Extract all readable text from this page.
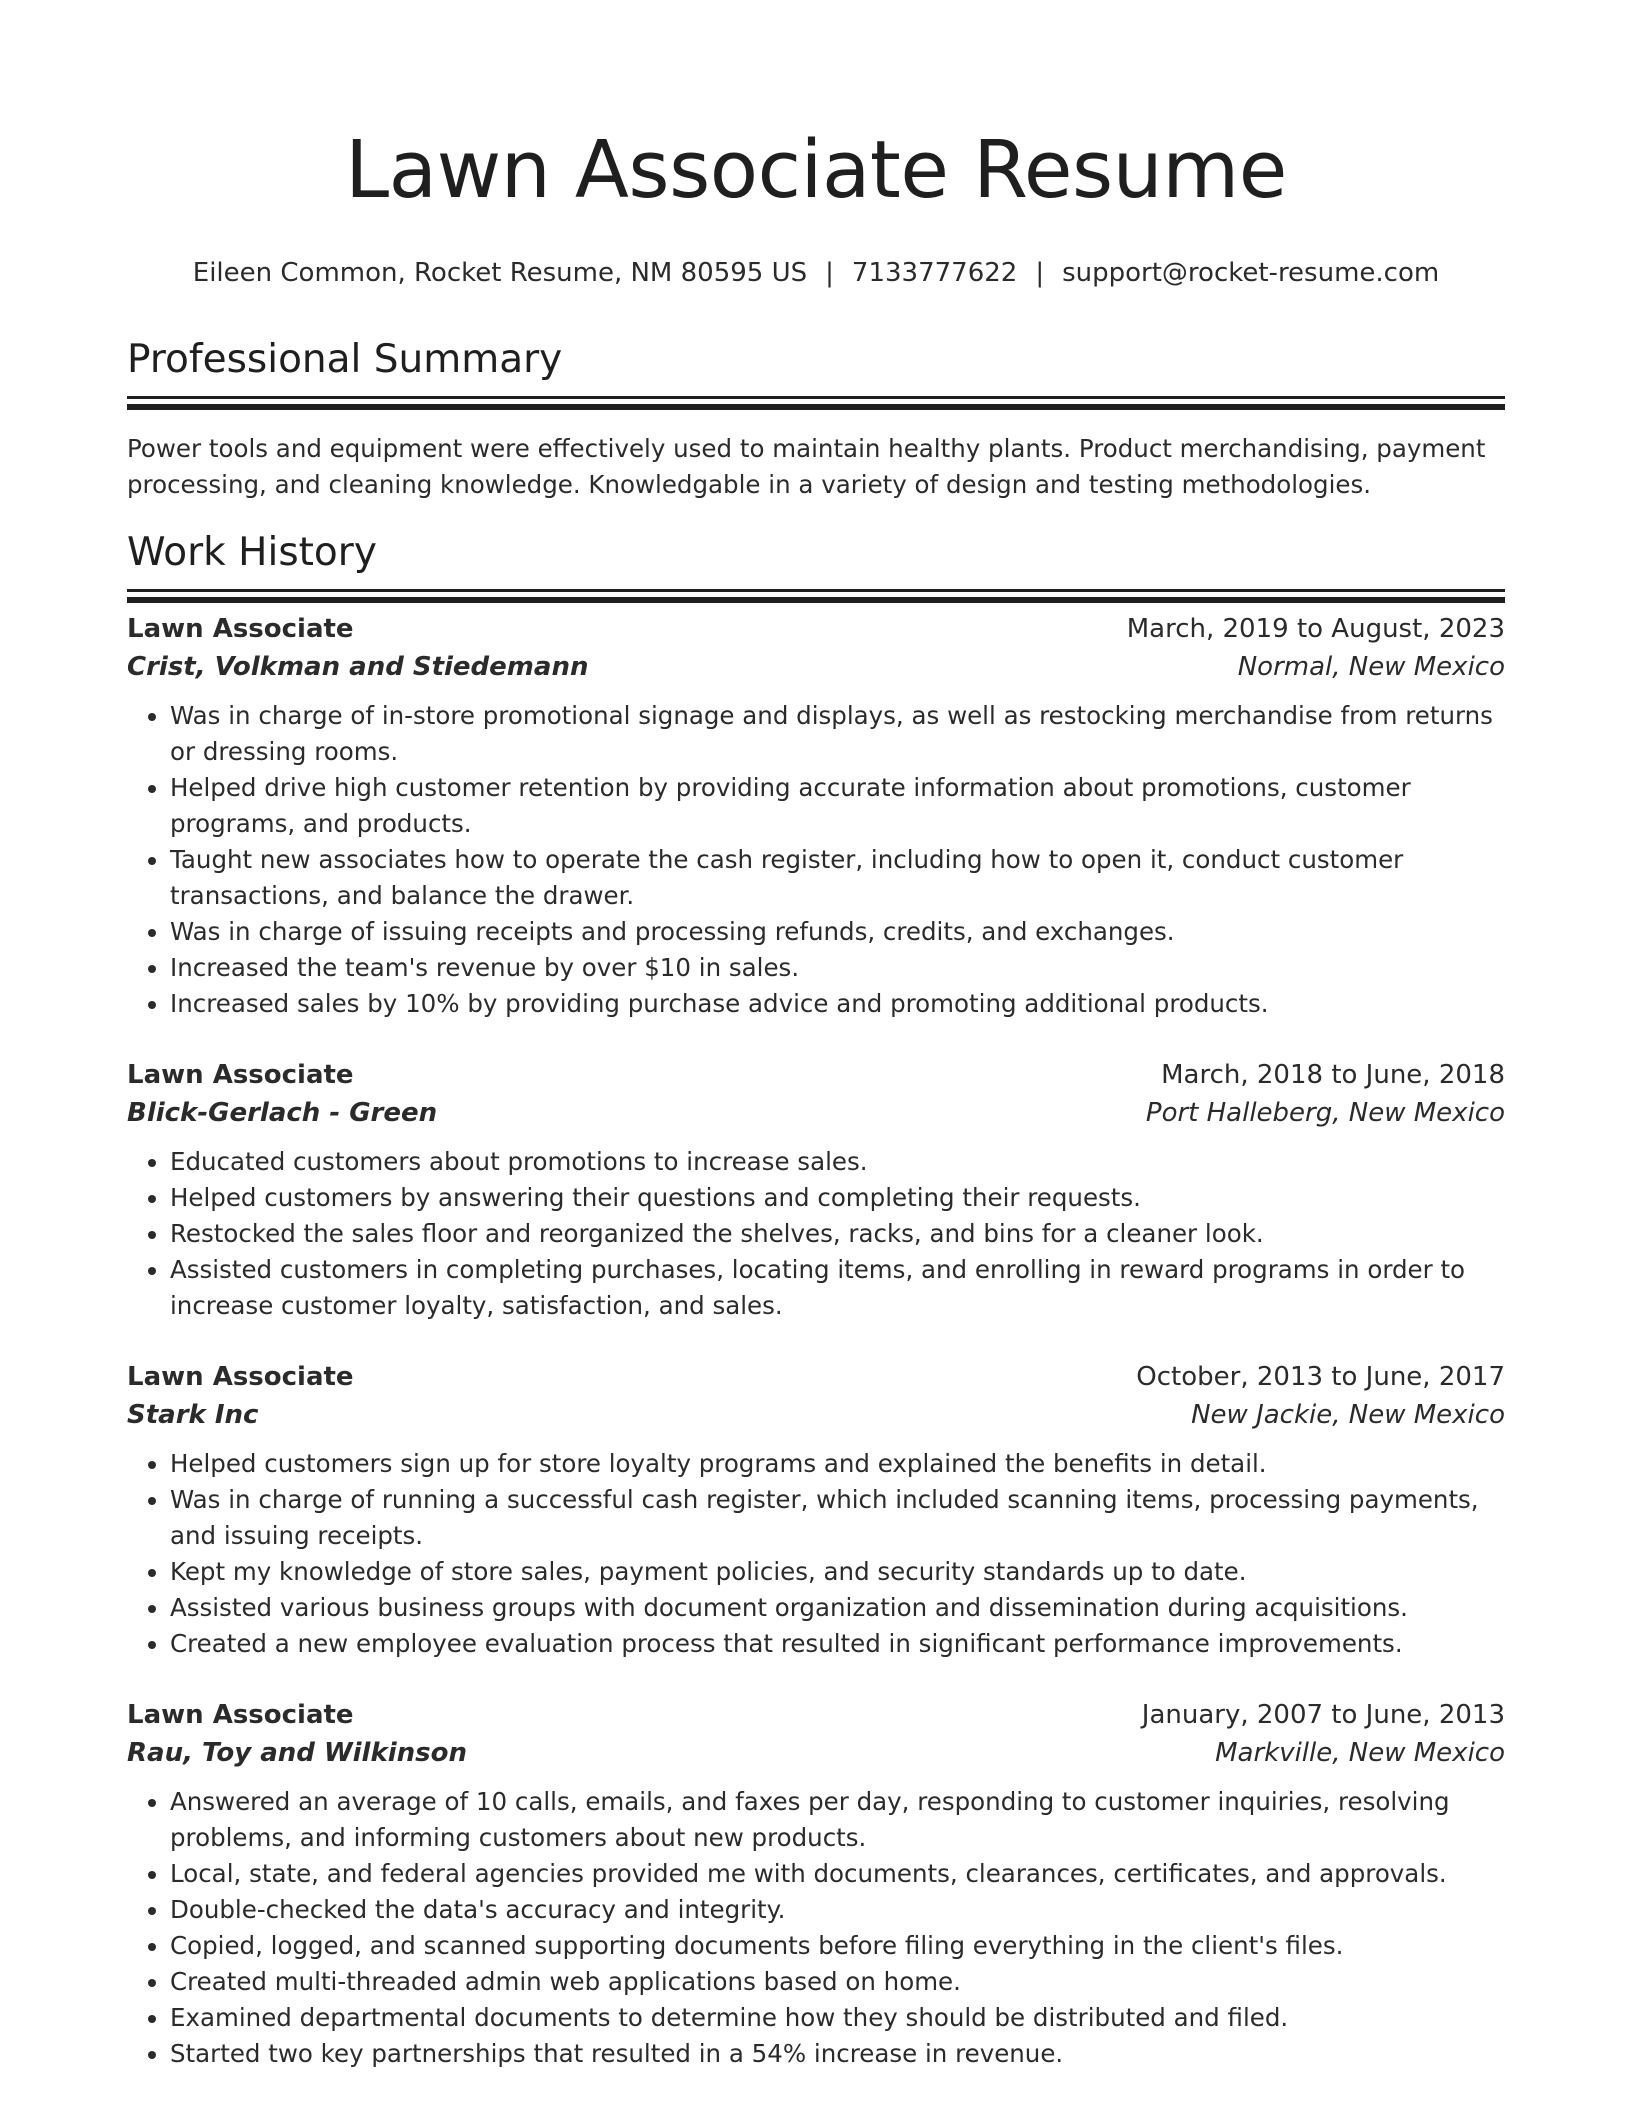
Lawn Associate Resume
Eileen Common, Rocket Resume, NM 80595 US | 7133777622 | support@rocket-resume.com
Professional Summary

Power tools and equipment were effectively used to maintain healthy plants. Product merchandising, payment processing, and cleaning knowledge. Knowledgable in a variety of design and testing methodologies.

Work History
Lawn Associate	March, 2019 to August, 2023
Crist, Volkman and Stiedemann	Normal, New Mexico
• Was in charge of in-store promotional signage and displays, as well as restocking merchandise from returns or dressing rooms.
• Helped drive high customer retention by providing accurate information about promotions, customer programs, and products.
• Taught new associates how to operate the cash register, including how to open it, conduct customer transactions, and balance the drawer.
• Was in charge of issuing receipts and processing refunds, credits, and exchanges.
• Increased the team's revenue by over $10 in sales.
• Increased sales by 10% by providing purchase advice and promoting additional products.
Lawn Associate	March, 2018 to June, 2018
Blick-Gerlach - Green	Port Halleberg, New Mexico
• Educated customers about promotions to increase sales.
• Helped customers by answering their questions and completing their requests.
• Restocked the sales floor and reorganized the shelves, racks, and bins for a cleaner look.
• Assisted customers in completing purchases, locating items, and enrolling in reward programs in order to increase customer loyalty, satisfaction, and sales.
Lawn Associate	October, 2013 to June, 2017
Stark Inc	New Jackie, New Mexico
• Helped customers sign up for store loyalty programs and explained the benefits in detail.
• Was in charge of running a successful cash register, which included scanning items, processing payments, and issuing receipts.
• Kept my knowledge of store sales, payment policies, and security standards up to date.
• Assisted various business groups with document organization and dissemination during acquisitions.
• Created a new employee evaluation process that resulted in significant performance improvements.
Lawn Associate	January, 2007 to June, 2013
Rau, Toy and Wilkinson	Markville, New Mexico
• Answered an average of 10 calls, emails, and faxes per day, responding to customer inquiries, resolving problems, and informing customers about new products.
• Local, state, and federal agencies provided me with documents, clearances, certificates, and approvals.
• Double-checked the data's accuracy and integrity.
• Copied, logged, and scanned supporting documents before filing everything in the client's files.
• Created multi-threaded admin web applications based on home.
• Examined departmental documents to determine how they should be distributed and filed.
• Started two key partnerships that resulted in a 54% increase in revenue.
